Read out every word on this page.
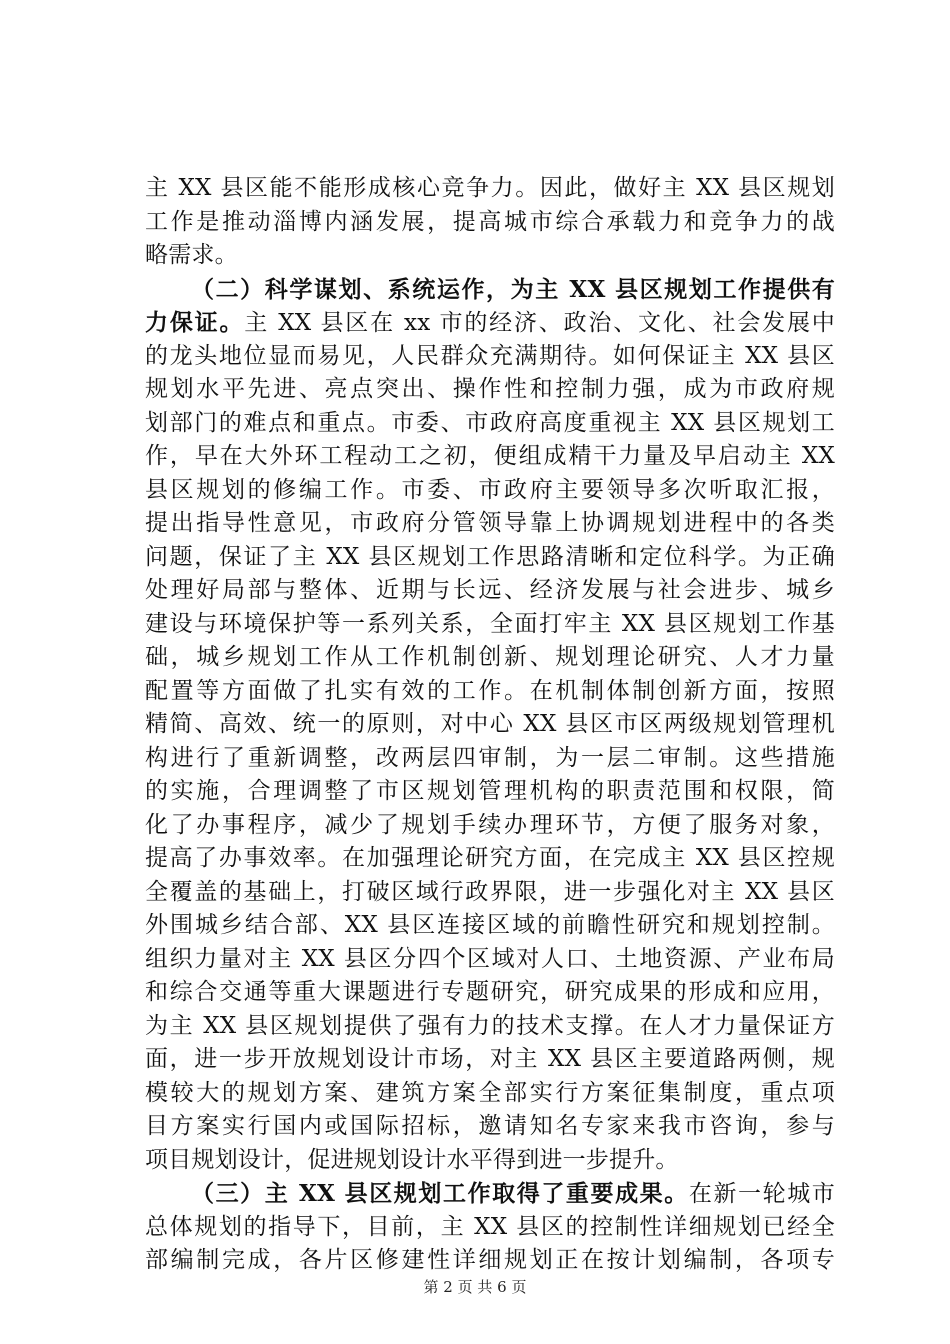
主 XX 县区能不能形成核心竞争力。因此，做好主 XX 县区规划
工作是推动淄博内涵发展，提高城市综合承载力和竞争力的战
略需求。
（二）科学谋划、系统运作，为主 XX 县区规划工作提供有
力保证。主 XX 县区在 xx 市的经济、政治、文化、社会发展中
的龙头地位显而易见，人民群众充满期待。如何保证主 XX 县区
规划水平先进、亮点突出、操作性和控制力强，成为市政府规
划部门的难点和重点。市委、市政府高度重视主 XX 县区规划工
作，早在大外环工程动工之初，便组成精干力量及早启动主 XX
县区规划的修编工作。市委、市政府主要领导多次听取汇报，
提出指导性意见，市政府分管领导靠上协调规划进程中的各类
问题，保证了主 XX 县区规划工作思路清晰和定位科学。为正确
处理好局部与整体、近期与长远、经济发展与社会进步、城乡
建设与环境保护等一系列关系，全面打牢主 XX 县区规划工作基
础，城乡规划工作从工作机制创新、规划理论研究、人才力量
配置等方面做了扎实有效的工作。在机制体制创新方面，按照
精简、高效、统一的原则，对中心 XX 县区市区两级规划管理机
构进行了重新调整，改两层四审制，为一层二审制。这些措施
的实施，合理调整了市区规划管理机构的职责范围和权限，简
化了办事程序，减少了规划手续办理环节，方便了服务对象，
提高了办事效率。在加强理论研究方面，在完成主 XX 县区控规
全覆盖的基础上，打破区域行政界限，进一步强化对主 XX 县区
外围城乡结合部、XX 县区连接区域的前瞻性研究和规划控制。
组织力量对主 XX 县区分四个区域对人口、土地资源、产业布局
和综合交通等重大课题进行专题研究，研究成果的形成和应用，
为主 XX 县区规划提供了强有力的技术支撑。在人才力量保证方
面，进一步开放规划设计市场，对主 XX 县区主要道路两侧，规
模较大的规划方案、建筑方案全部实行方案征集制度，重点项
目方案实行国内或国际招标，邀请知名专家来我市咨询，参与
项目规划设计，促进规划设计水平得到进一步提升。
（三）主 XX 县区规划工作取得了重要成果。在新一轮城市
总体规划的指导下，目前，主 XX 县区的控制性详细规划已经全
部编制完成，各片区修建性详细规划正在按计划编制，各项专
第 2 页 共 6 页
